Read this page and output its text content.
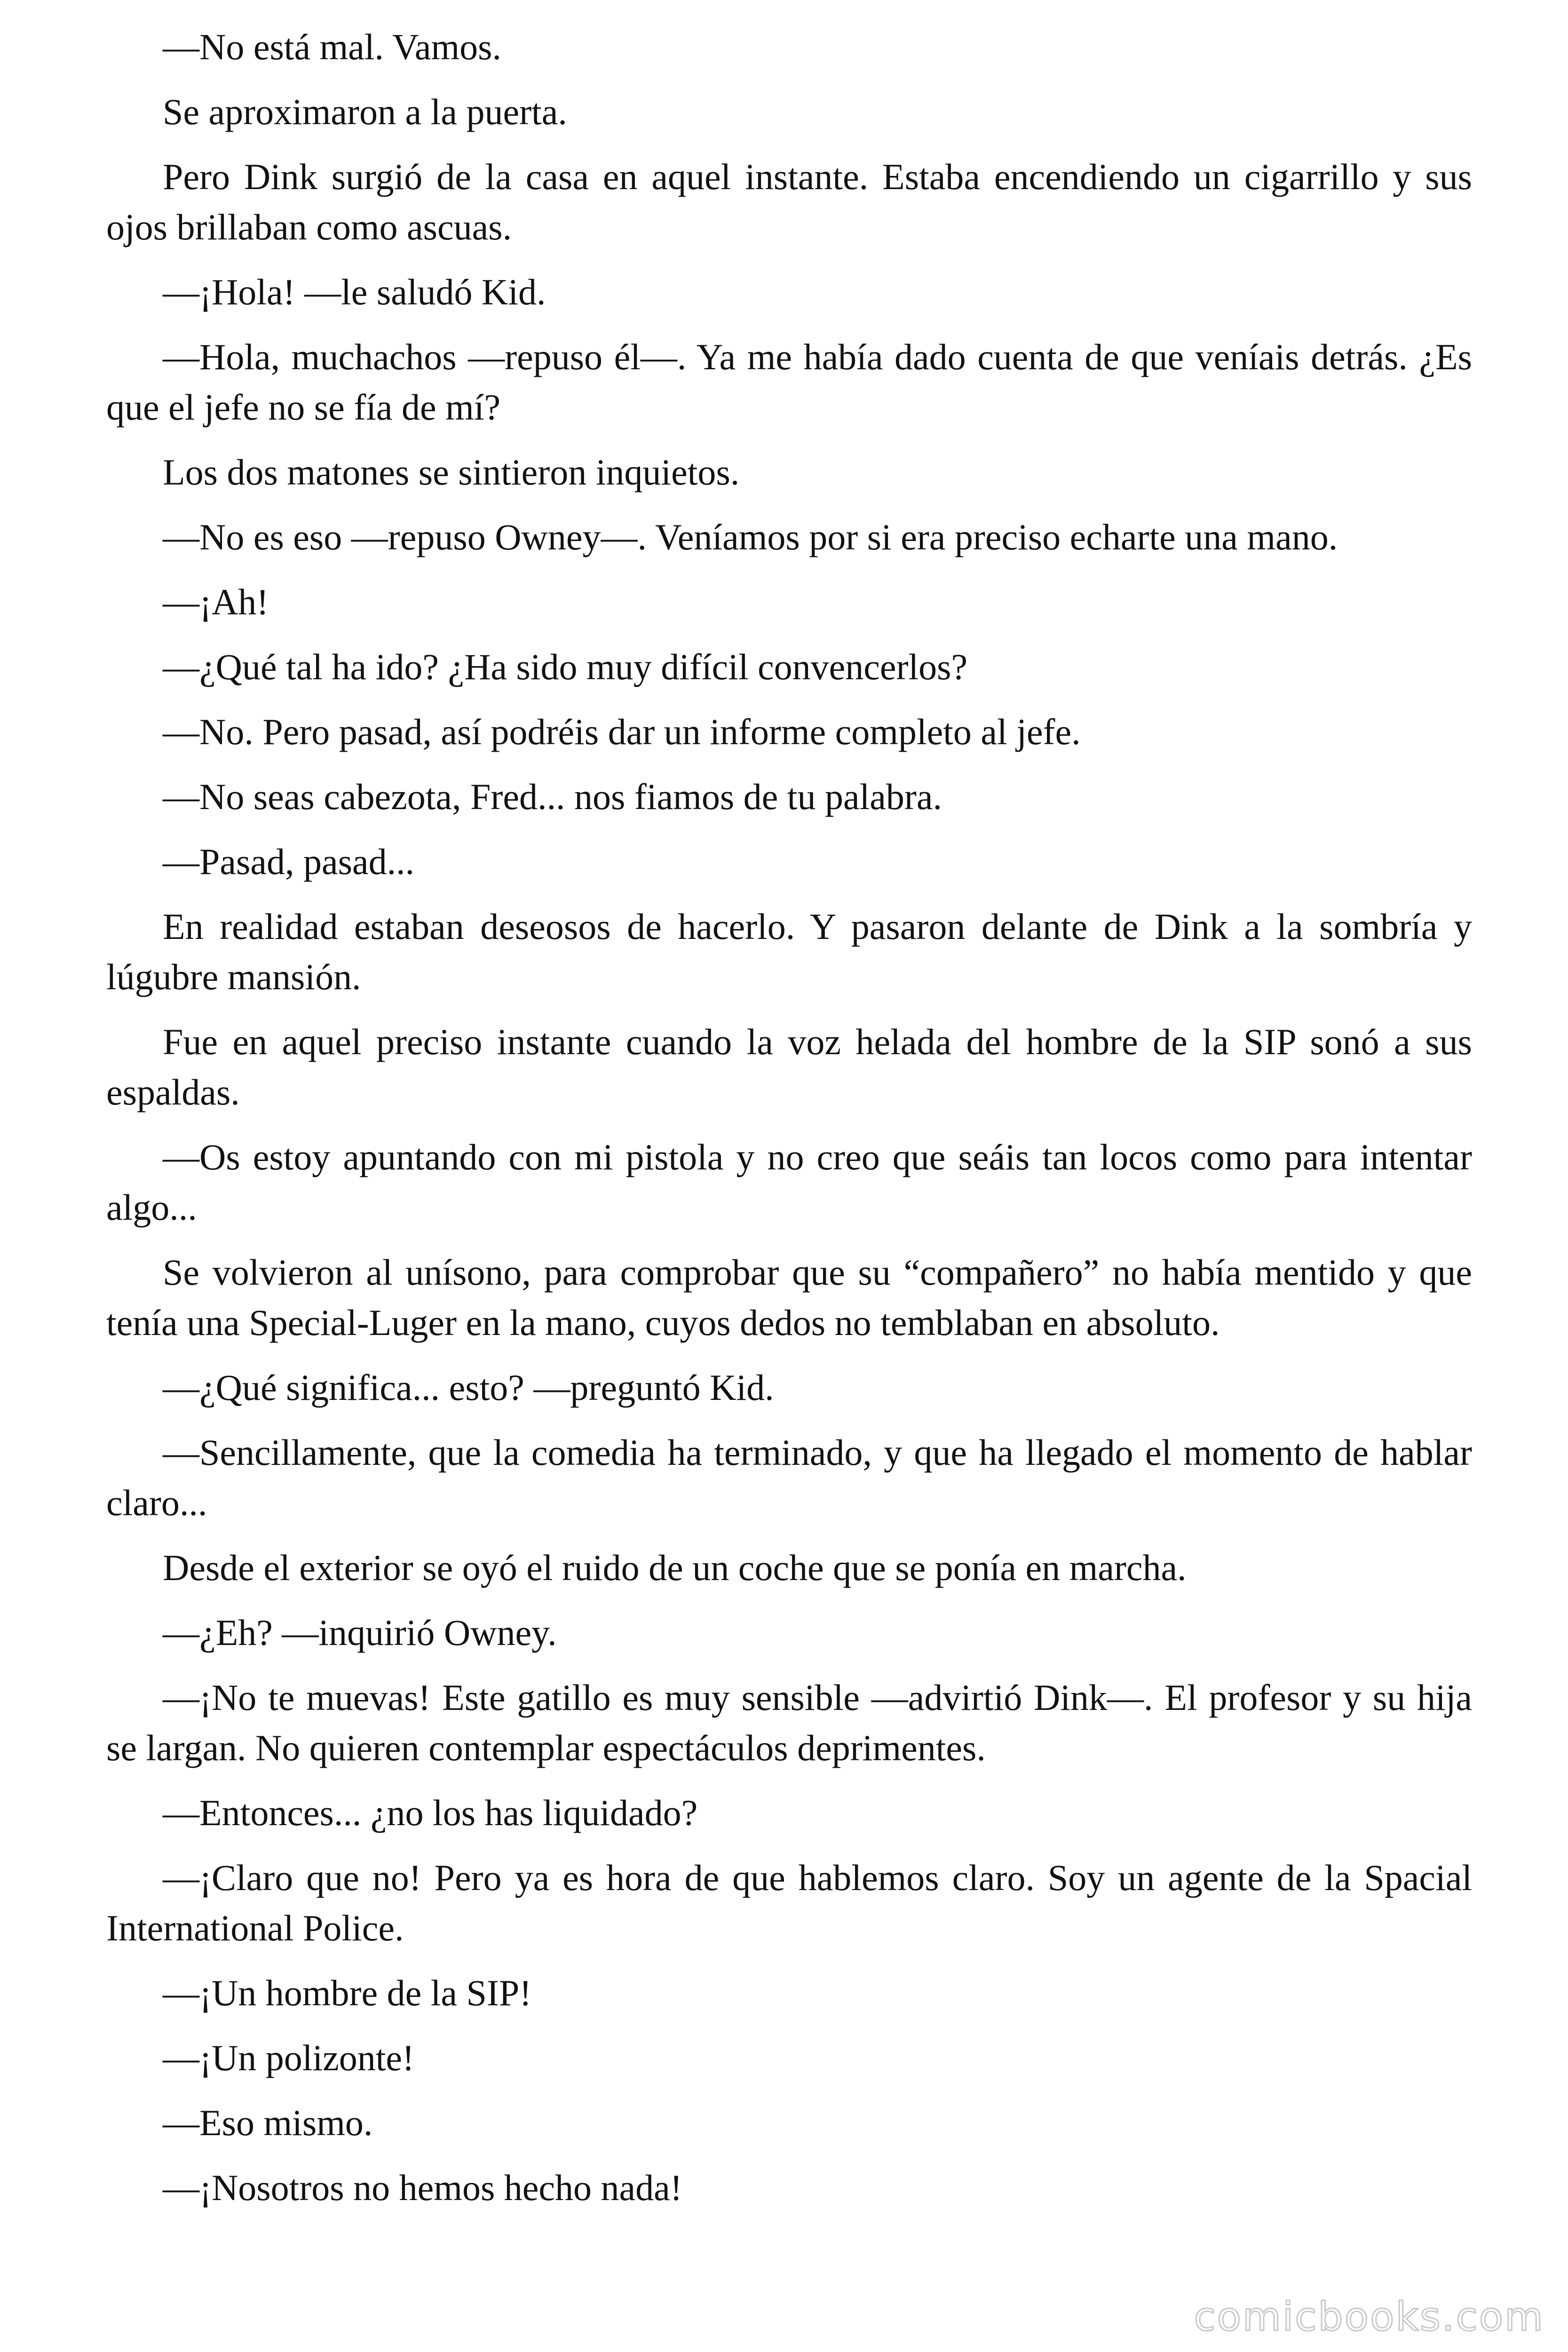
—No está mal. Vamos.

Se aproximaron a la puerta.

Pero Dink surgió de la casa en aquel instante. Estaba encendiendo un cigarrillo y sus ojos brillaban como ascuas.

—¡Hola! —le saludó Kid.

—Hola, muchachos —repuso él—. Ya me había dado cuenta de que veníais detrás. ¿Es que el jefe no se fía de mí?

Los dos matones se sintieron inquietos.

—No es eso —repuso Owney—. Veníamos por si era preciso echarte una mano.

—¡Ah!

—¿Qué tal ha ido? ¿Ha sido muy difícil convencerlos?

—No. Pero pasad, así podréis dar un informe completo al jefe.

—No seas cabezota, Fred... nos fiamos de tu palabra.

—Pasad, pasad...

En realidad estaban deseosos de hacerlo. Y pasaron delante de Dink a la sombría y lúgubre mansión.

Fue en aquel preciso instante cuando la voz helada del hombre de la SIP sonó a sus espaldas.

—Os estoy apuntando con mi pistola y no creo que seáis tan locos como para intentar algo...

Se volvieron al unísono, para comprobar que su “compañero” no había mentido y que tenía una Special-Luger en la mano, cuyos dedos no temblaban en absoluto.

—¿Qué significa... esto? —preguntó Kid.

—Sencillamente, que la comedia ha terminado, y que ha llegado el momento de hablar claro...

Desde el exterior se oyó el ruido de un coche que se ponía en marcha.

—¿Eh? —inquirió Owney.

—¡No te muevas! Este gatillo es muy sensible —advirtió Dink—. El profesor y su hija se largan. No quieren contemplar espectáculos deprimentes.

—Entonces... ¿no los has liquidado?

—¡Claro que no! Pero ya es hora de que hablemos claro. Soy un agente de la Spacial International Police.

—¡Un hombre de la SIP!

—¡Un polizonte!

—Eso mismo.

—¡Nosotros no hemos hecho nada!

comicbooks.com
